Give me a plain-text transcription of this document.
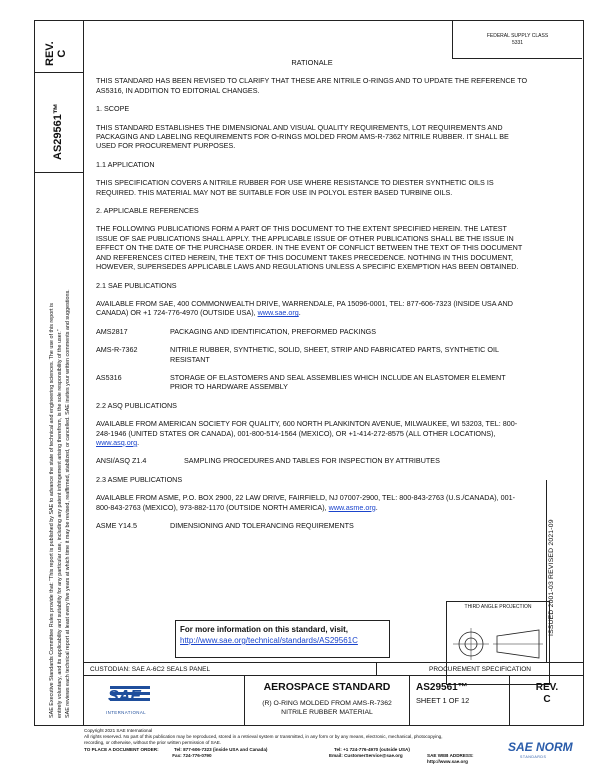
REV. C
AS29561™
SAE Executive Standards Committee Rules provide that: “This report is published by SAE to advance the state of technical and engineering sciences. The use of this report is entirely voluntary, and its applicability and suitability for any particular use, including any patent infringement arising therefrom, is the sole responsibility of the user.” SAE reviews each technical report at least every five years at which time it may be revised, reaffirmed, stabilized, or cancelled. SAE invites your written comments and suggestions.
FEDERAL SUPPLY CLASS
5331

RATIONALE

THIS STANDARD HAS BEEN REVISED TO CLARIFY THAT THESE ARE NITRILE O-RINGS AND TO UPDATE THE REFERENCE TO AS5316, IN ADDITION TO EDITORIAL CHANGES.

1. SCOPE

THIS STANDARD ESTABLISHES THE DIMENSIONAL AND VISUAL QUALITY REQUIREMENTS, LOT REQUIREMENTS AND PACKAGING AND LABELING REQUIREMENTS FOR O-RINGS MOLDED FROM AMS-R-7362 NITRILE RUBBER. IT SHALL BE USED FOR PROCUREMENT PURPOSES.

1.1 APPLICATION

THIS SPECIFICATION COVERS A NITRILE RUBBER FOR USE WHERE RESISTANCE TO DIESTER SYNTHETIC OILS IS REQUIRED. THIS MATERIAL MAY NOT BE SUITABLE FOR USE IN POLYOL ESTER BASED TURBINE OILS.

2. APPLICABLE REFERENCES

THE FOLLOWING PUBLICATIONS FORM A PART OF THIS DOCUMENT TO THE EXTENT SPECIFIED HEREIN. THE LATEST ISSUE OF SAE PUBLICATIONS SHALL APPLY. THE APPLICABLE ISSUE OF OTHER PUBLICATIONS SHALL BE THE ISSUE IN EFFECT ON THE DATE OF THE PURCHASE ORDER. IN THE EVENT OF CONFLICT BETWEEN THE TEXT OF THIS DOCUMENT AND REFERENCES CITED HEREIN, THE TEXT OF THIS DOCUMENT TAKES PRECEDENCE. NOTHING IN THIS DOCUMENT, HOWEVER, SUPERSEDES APPLICABLE LAWS AND REGULATIONS UNLESS A SPECIFIC EXEMPTION HAS BEEN OBTAINED.

2.1 SAE PUBLICATIONS

AVAILABLE FROM SAE, 400 COMMONWEALTH DRIVE, WARRENDALE, PA 15096-0001, TEL: 877-606-7323 (INSIDE USA AND CANADA) OR +1 724-776-4970 (OUTSIDE USA), www.sae.org.

AMS2817	PACKAGING AND IDENTIFICATION, PREFORMED PACKINGS
AMS-R-7362	NITRILE RUBBER, SYNTHETIC, SOLID, SHEET, STRIP AND FABRICATED PARTS, SYNTHETIC OIL RESISTANT
AS5316	STORAGE OF ELASTOMERS AND SEAL ASSEMBLIES WHICH INCLUDE AN ELASTOMER ELEMENT PRIOR TO HARDWARE ASSEMBLY

2.2 ASQ PUBLICATIONS

AVAILABLE FROM AMERICAN SOCIETY FOR QUALITY, 600 NORTH PLANKINTON AVENUE, MILWAUKEE, WI 53203, TEL: 800-248-1946 (UNITED STATES OR CANADA), 001-800-514-1564 (MEXICO), OR +1-414-272-8575 (ALL OTHER LOCATIONS), www.asq.org.

ANSI/ASQ Z1.4	SAMPLING PROCEDURES AND TABLES FOR INSPECTION BY ATTRIBUTES

2.3 ASME PUBLICATIONS

AVAILABLE FROM ASME, P.O. BOX 2900, 22 LAW DRIVE, FAIRFIELD, NJ 07007-2900, TEL: 800-843-2763 (U.S./CANADA), 001-800-843-2763 (MEXICO), 973-882-1170 (OUTSIDE NORTH AMERICA), www.asme.org.

ASME Y14.5	DIMENSIONING AND TOLERANCING REQUIREMENTS	ISSUED 2001-03 REVISED 2021-09
THIRD ANGLE PROJECTION
For more information on this standard, visit,
http://www.sae.org/technical/standards/AS29561C
CUSTODIAN: SAE A-6C2 SEALS PANEL	PROCUREMENT SPECIFICATION
SAE
INTERNATIONAL
AEROSPACE STANDARD
(R) O-RING MOLDED FROM AMS-R-7362
NITRILE RUBBER MATERIAL
AS29561™
SHEET 1 OF 12
REV.
C
Copyright 2021 SAE International
All rights reserved. No part of this publication may be reproduced, stored in a retrieval system or transmitted, in any form or by any means, electronic, mechanical, photocopying,
recording, or otherwise, without the prior written permission of SAE.
TO PLACE A DOCUMENT ORDER:	Tel: 877-606-7323 (inside USA and Canada)	Tel: +1 724-776-4970 (outside USA)
Fax: 724-776-0790	Email: CustomerService@sae.org	SAE WEB ADDRESS: http://www.sae.org
SAE NORM
STANDARDS
